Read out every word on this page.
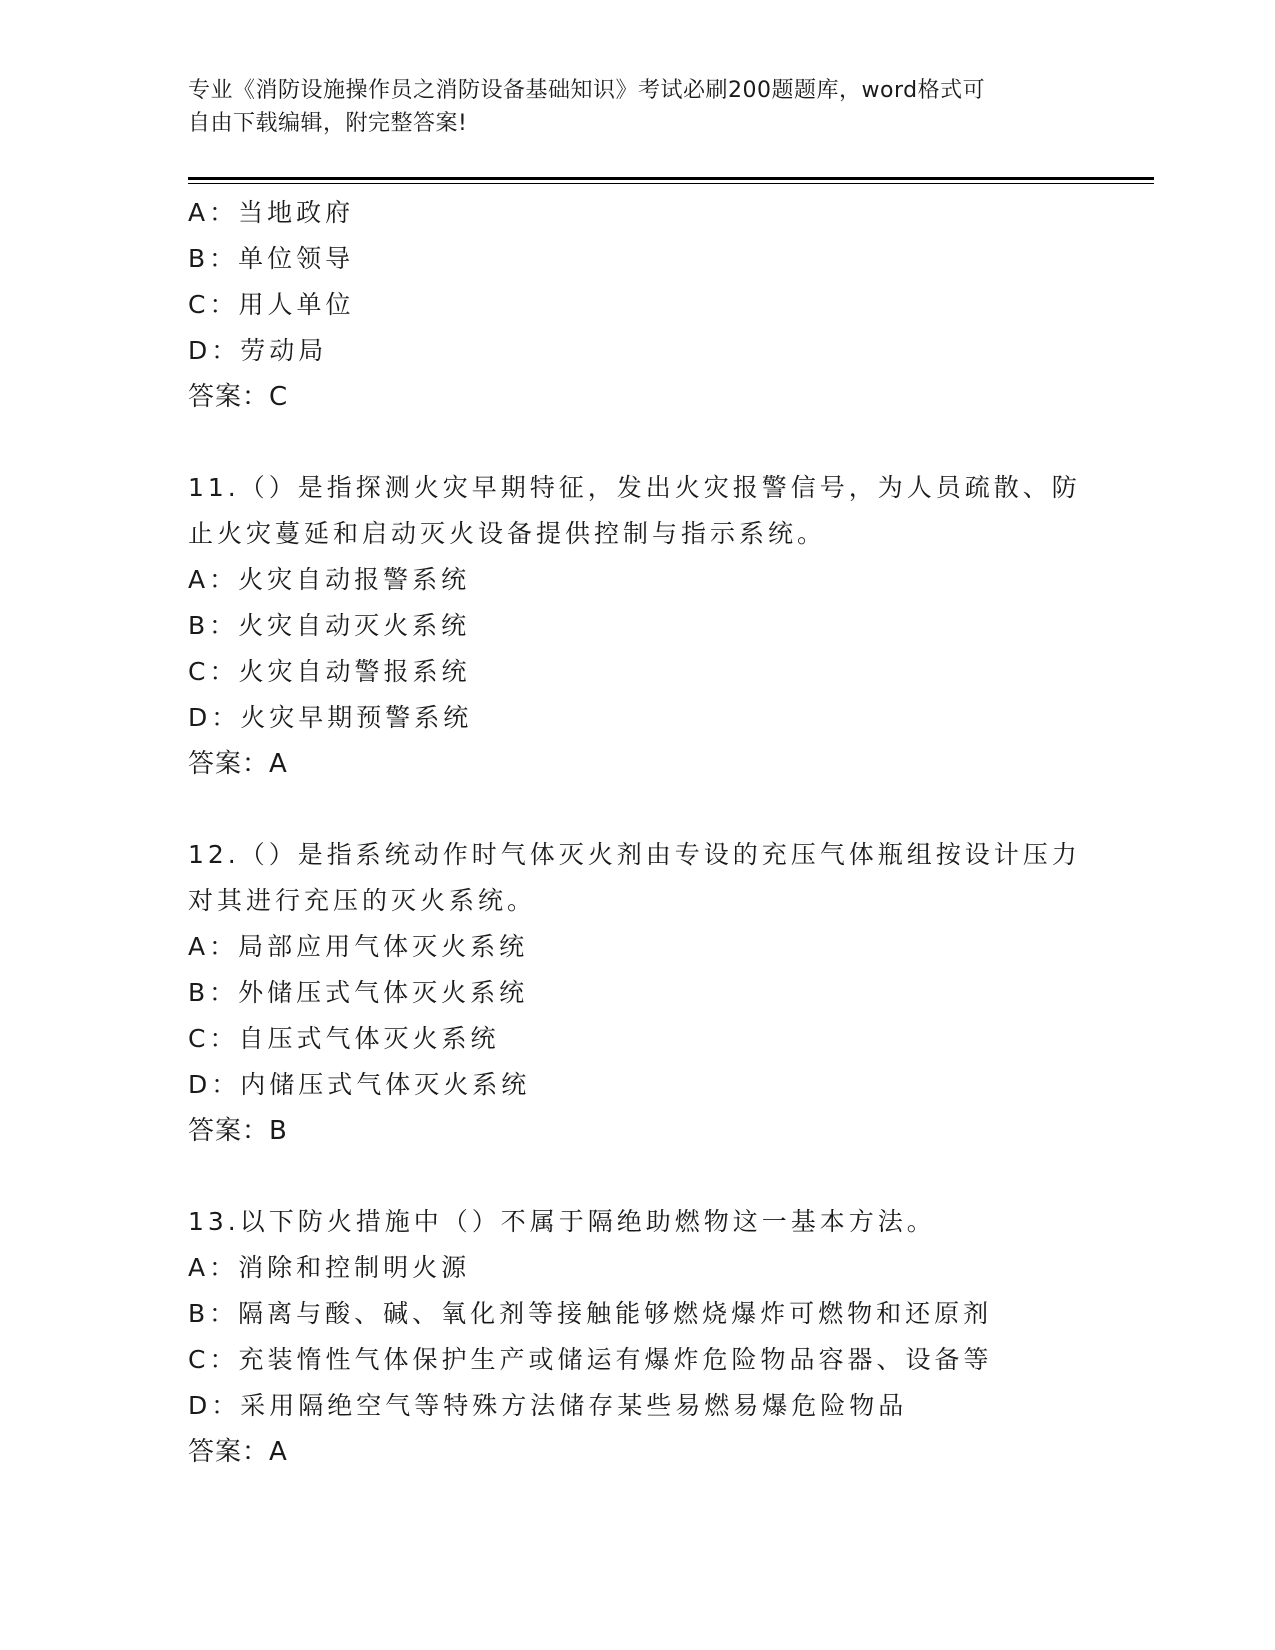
专业《消防设施操作员之消防设备基础知识》考试必刷200题题库，word格式可
自由下载编辑，附完整答案!
A：当地政府
B：单位领导
C：用人单位
D：劳动局
答案：C
11.（）是指探测火灾早期特征，发出火灾报警信号，为人员疏散、防
止火灾蔓延和启动灭火设备提供控制与指示系统。
A：火灾自动报警系统
B：火灾自动灭火系统
C：火灾自动警报系统
D：火灾早期预警系统
答案：A
12.（）是指系统动作时气体灭火剂由专设的充压气体瓶组按设计压力
对其进行充压的灭火系统。
A：局部应用气体灭火系统
B：外储压式气体灭火系统
C：自压式气体灭火系统
D：内储压式气体灭火系统
答案：B
13.以下防火措施中（）不属于隔绝助燃物这一基本方法。
A：消除和控制明火源
B：隔离与酸、碱、氧化剂等接触能够燃烧爆炸可燃物和还原剂
C：充装惰性气体保护生产或储运有爆炸危险物品容器、设备等
D：采用隔绝空气等特殊方法储存某些易燃易爆危险物品
答案：A
